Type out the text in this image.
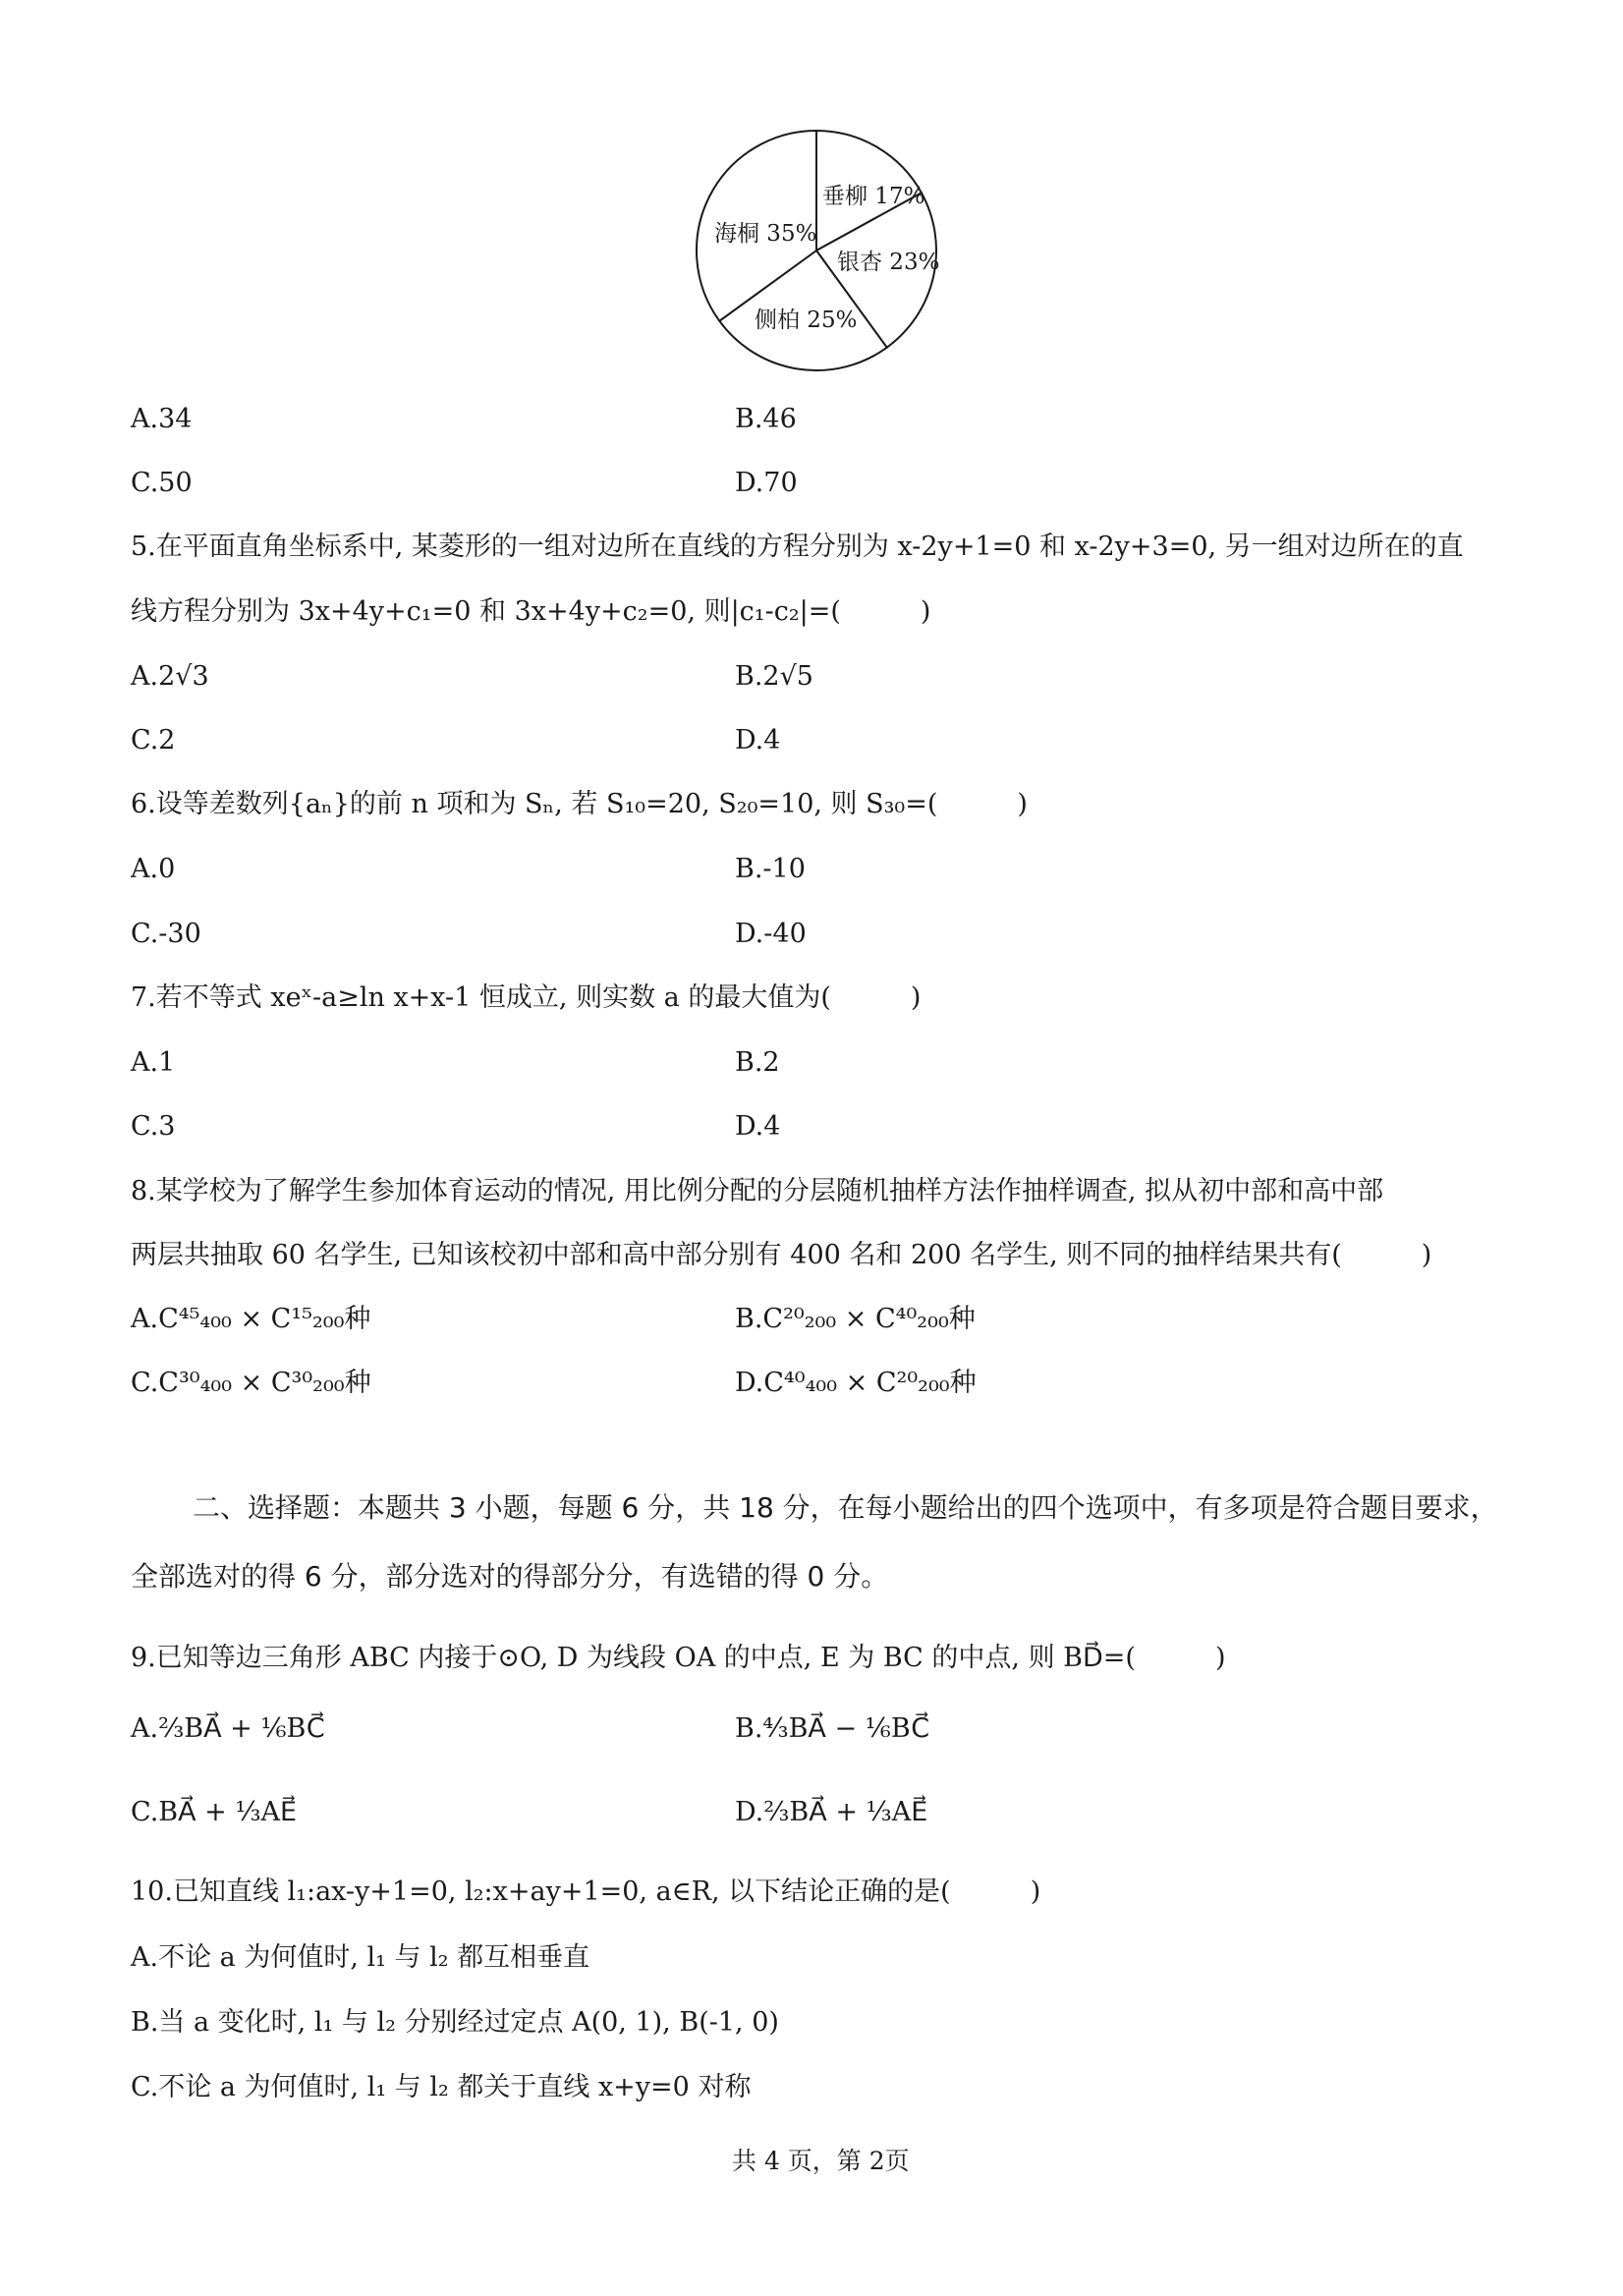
垂柳 17%
银杏 23%
侧柏 25%
海桐 35%
A.34	B.46
C.50	D.70
5.在平面直角坐标系中, 某菱形的一组对边所在直线的方程分别为 x-2y+1=0 和 x-2y+3=0, 另一组对边所在的直
线方程分别为 3x+4y+c₁=0 和 3x+4y+c₂=0, 则|c₁-c₂|=(　　　)
A.2√3	B.2√5
C.2	D.4
6.设等差数列{aₙ}的前 n 项和为 Sₙ, 若 S₁₀=20, S₂₀=10, 则 S₃₀=(　　　)
A.0	B.-10
C.-30	D.-40
7.若不等式 xeˣ-a≥ln x+x-1 恒成立, 则实数 a 的最大值为(　　　)
A.1	B.2
C.3	D.4
8.某学校为了解学生参加体育运动的情况, 用比例分配的分层随机抽样方法作抽样调查, 拟从初中部和高中部
两层共抽取 60 名学生, 已知该校初中部和高中部分别有 400 名和 200 名学生, 则不同的抽样结果共有(　　　)
A.C⁴⁵₄₀₀ × C¹⁵₂₀₀种	B.C²⁰₂₀₀ × C⁴⁰₂₀₀种
C.C³⁰₄₀₀ × C³⁰₂₀₀种	D.C⁴⁰₄₀₀ × C²⁰₂₀₀种
二、选择题：本题共 3 小题，每题 6 分，共 18 分，在每小题给出的四个选项中，有多项是符合题目要求，
全部选对的得 6 分，部分选对的得部分分，有选错的得 0 分。
9.已知等边三角形 ABC 内接于⊙O, D 为线段 OA 的中点, E 为 BC 的中点, 则 BD⃗=(　　　)
A.⅔BA⃗ + ⅙BC⃗	B.⁴⁄₃BA⃗ − ⅙BC⃗
C.BA⃗ + ⅓AE⃗	D.⅔BA⃗ + ⅓AE⃗
10.已知直线 l₁:ax-y+1=0, l₂:x+ay+1=0, a∈R, 以下结论正确的是(　　　)
A.不论 a 为何值时, l₁ 与 l₂ 都互相垂直
B.当 a 变化时, l₁ 与 l₂ 分别经过定点 A(0, 1), B(-1, 0)
C.不论 a 为何值时, l₁ 与 l₂ 都关于直线 x+y=0 对称
共 4 页，第 2页
